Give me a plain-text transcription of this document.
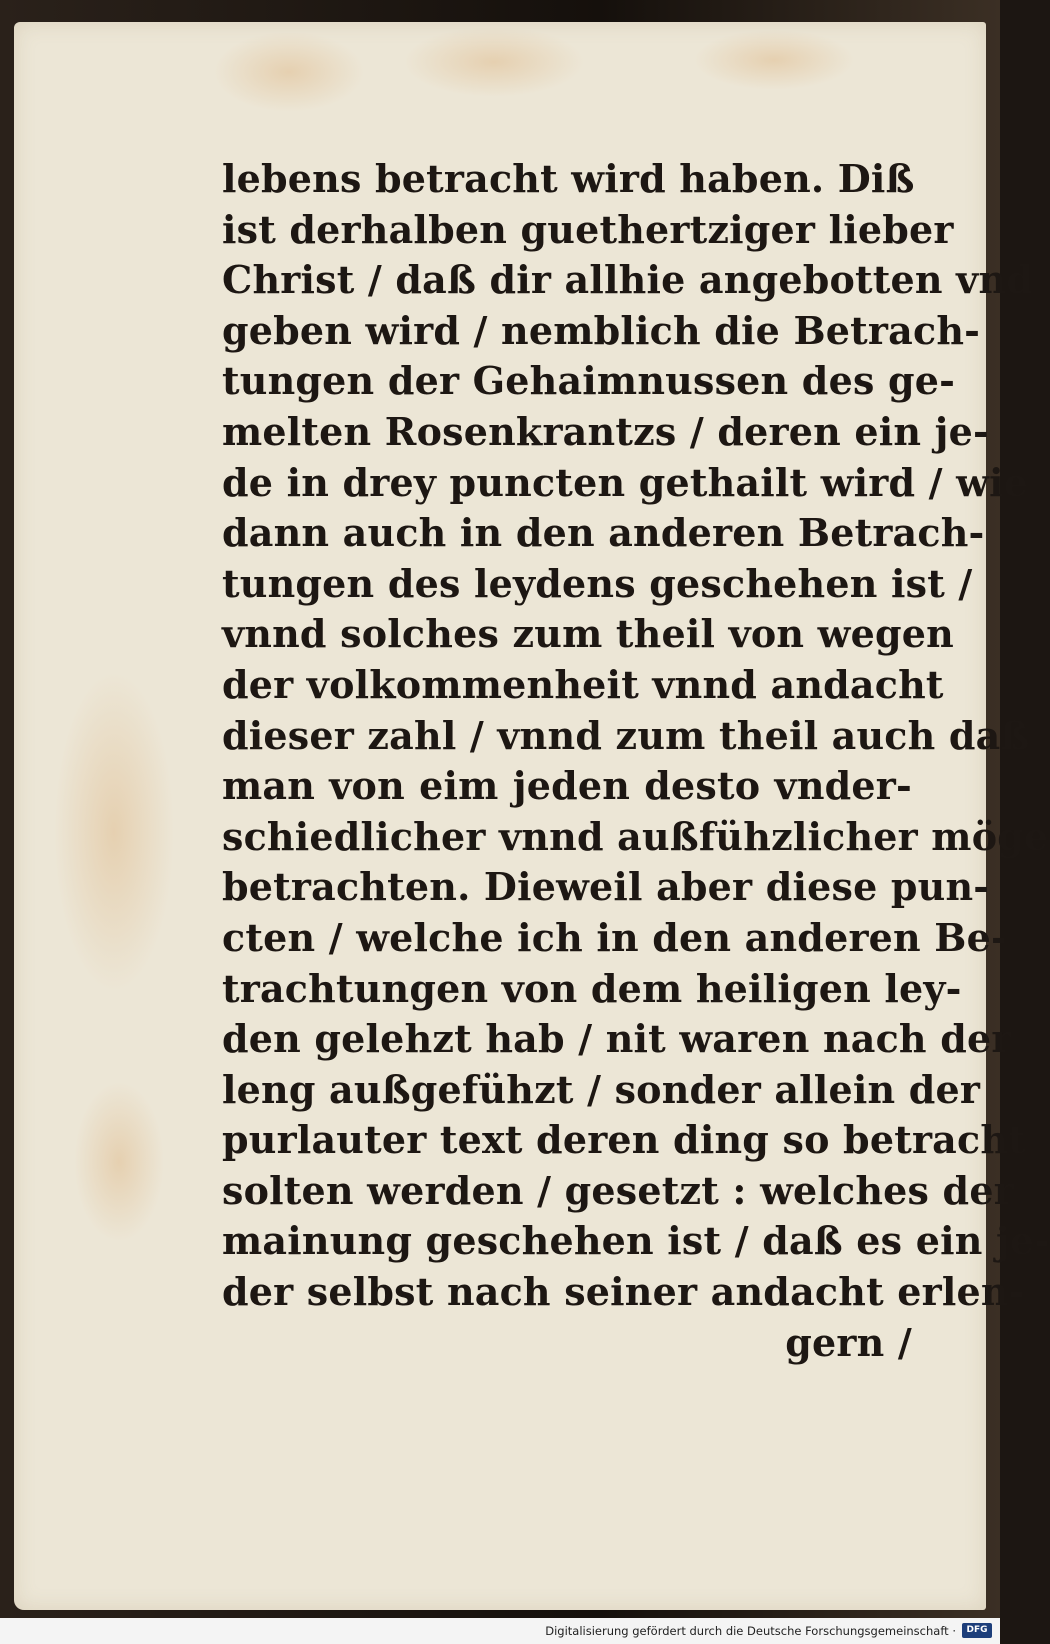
lebens betracht wird haben. Diß
ist derhalben guethertziger lieber
Christ / daß dir allhie angebotten vnd
geben wird / nemblich die Betrach-
tungen der Gehaimnussen des ge-
melten Rosenkrantzs / deren ein je-
de in drey puncten gethailt wird / wie
dann auch in den anderen Betrach-
tungen des leydens geschehen ist /
vnnd solches zum theil von wegen
der volkommenheit vnnd andacht
dieser zahl / vnnd zum theil auch daß
man von eim jeden desto vnder-
schiedlicher vnnd außfühzlicher möge
betrachten. Dieweil aber diese pun-
cten / welche ich in den anderen Be-
trachtungen von dem heiligen ley-
den gelehzt hab / nit waren nach der
leng außgefühzt / sonder allein der
purlauter text deren ding so betracht
solten werden / gesetzt : welches der
mainung geschehen ist / daß es ein je-
der selbst nach seiner andacht erlen-
gern /
Digitalisierung gefördert durch die Deutsche Forschungsgemeinschaft ·	DFG
